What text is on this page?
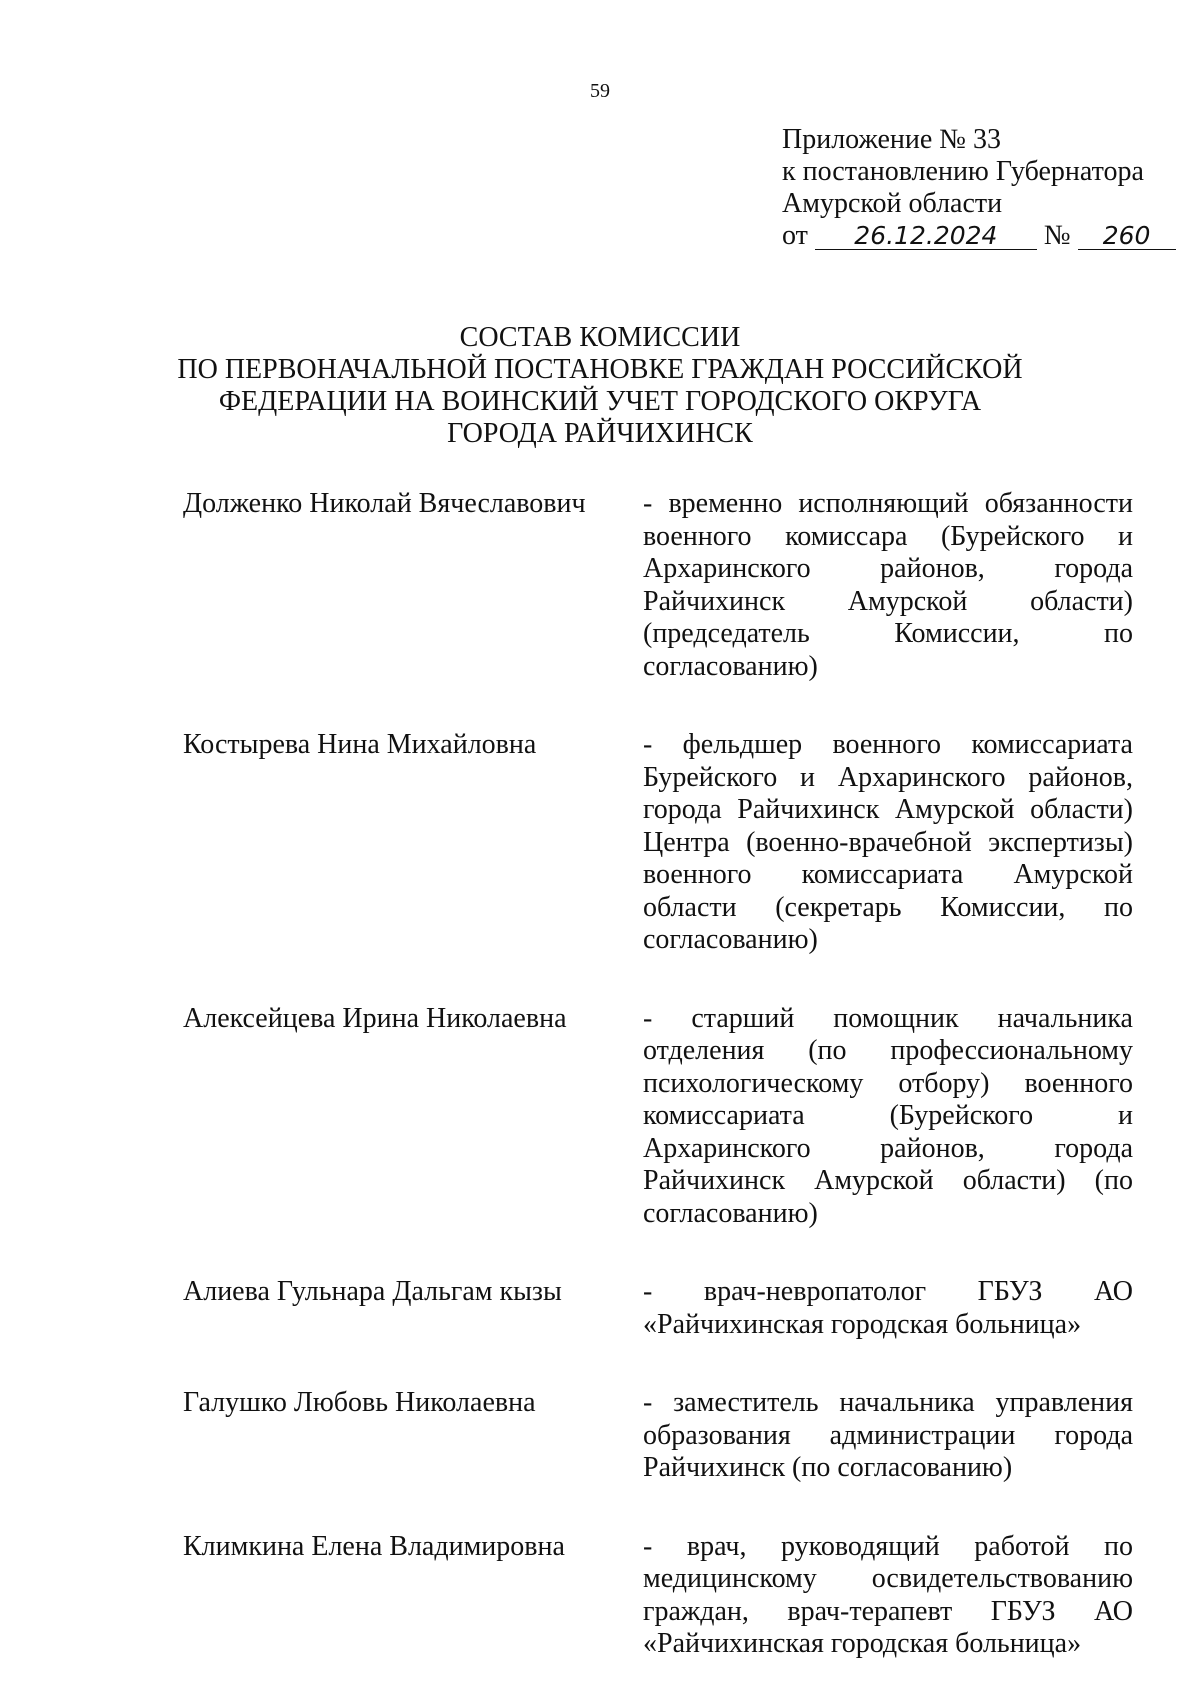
59
Приложение № 33
к постановлению Губернатора
Амурской области
от 26.12.2024 № 260
СОСТАВ КОМИССИИ
ПО ПЕРВОНАЧАЛЬНОЙ ПОСТАНОВКЕ ГРАЖДАН РОССИЙСКОЙ
ФЕДЕРАЦИИ НА ВОИНСКИЙ УЧЕТ ГОРОДСКОГО ОКРУГА
ГОРОДА РАЙЧИХИНСК
Долженко Николай Вячеславович	- временно исполняющий обязанности военного комиссара (Бурейского и Архаринского районов, города Райчихинск Амурской области) (председатель Комиссии, по согласованию)
Костырева Нина Михайловна	- фельдшер военного комиссариата Бурейского и Архаринского районов, города Райчихинск Амурской области) Центра (военно-врачебной экспертизы) военного комиссариата Амурской области (секретарь Комиссии, по согласованию)
Алексейцева Ирина Николаевна	- старший помощник начальника отделения (по профессиональному психологическому отбору) военного комиссариата (Бурейского и Архаринского районов, города Райчихинск Амурской области) (по согласованию)
Алиева Гульнара Дальгам кызы	- врач-невропатолог ГБУЗ АО «Райчихинская городская больница»
Галушко Любовь Николаевна	- заместитель начальника управления образования администрации города Райчихинск (по согласованию)
Климкина Елена Владимировна	- врач, руководящий работой по медицинскому освидетельствованию граждан, врач-терапевт ГБУЗ АО «Райчихинская городская больница»
